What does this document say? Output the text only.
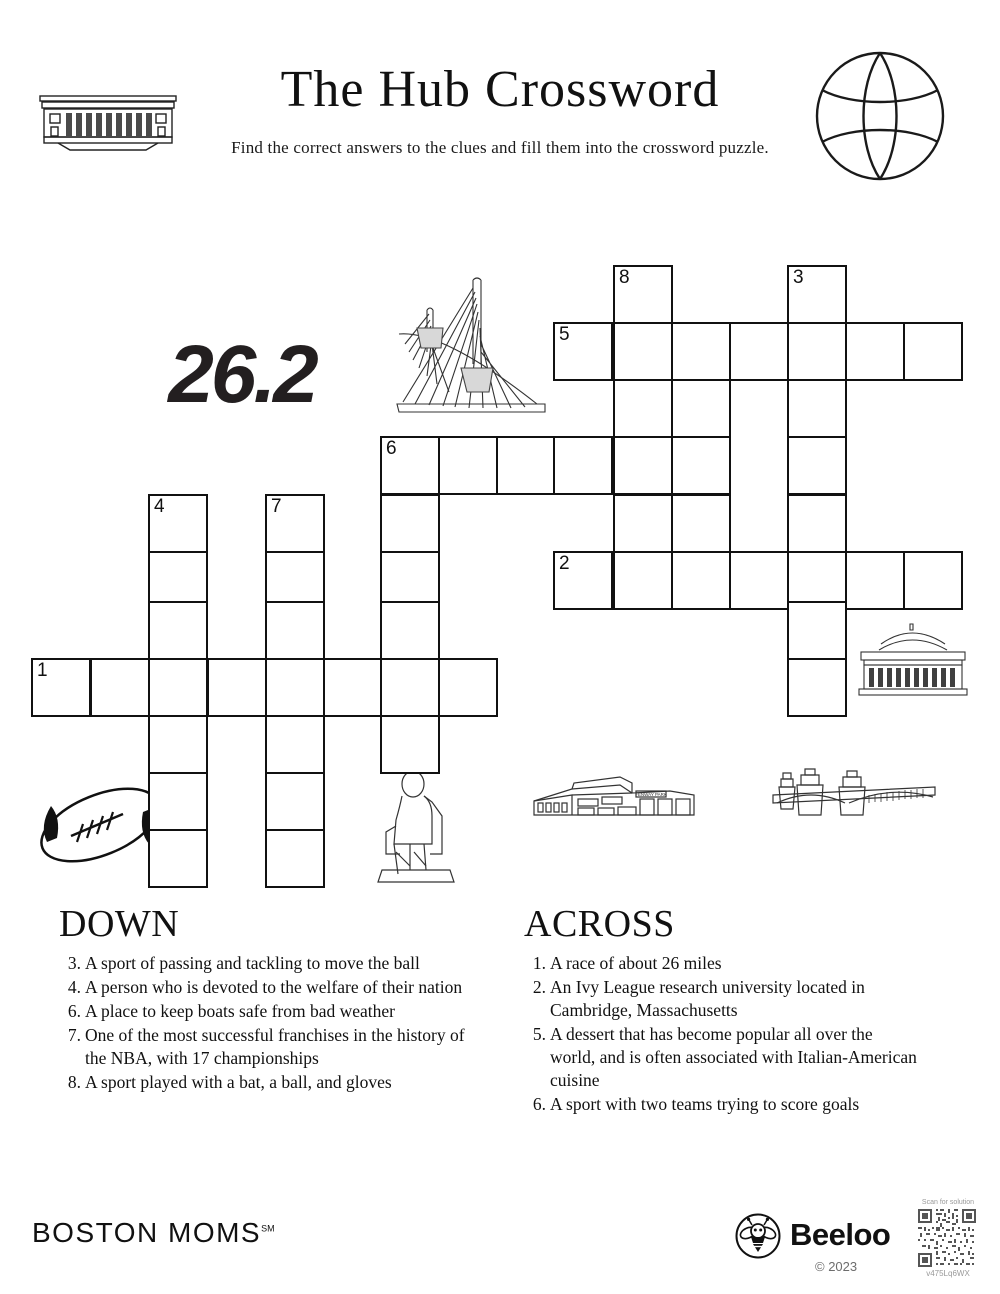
The Hub Crossword
Find the correct answers to the clues and fill them into the crossword puzzle.
26.2
FENWAY PARK
8	3
5
6
4	7
2
1
DOWN
3. A sport of passing and tackling to move the ball
4. A person who is devoted to the welfare of their nation
6. A place to keep boats safe from bad weather
7. One of the most successful franchises in the history of the NBA, with 17 championships
8. A sport played with a bat, a ball, and gloves
ACROSS
1. A race of about 26 miles
2. An Ivy League research university located in Cambridge, Massachusetts
5. A dessert that has become popular all over the world, and is often associated with Italian-American cuisine
6. A sport with two teams trying to score goals
BOSTON MOMS℠	Beeloo
© 2023
Scan for solution
v475Lq6WX
